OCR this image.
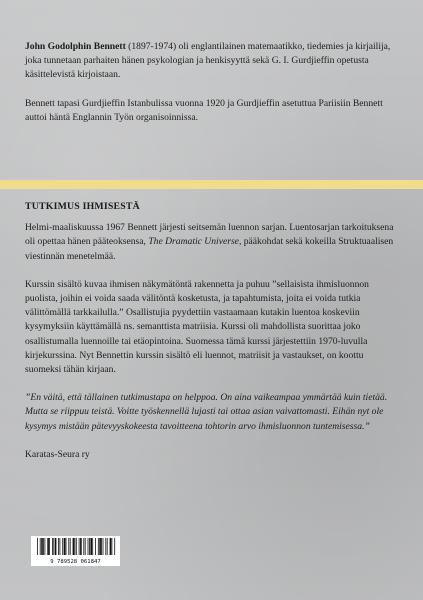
John Godolphin Bennett (1897-1974) oli englantilainen matemaatikko, tiedemies ja kirjailija, joka tunnetaan parhaiten hänen psykologian ja henkisyyttä sekä G. I. Gurdjieffin opetusta käsittelevistä kirjoistaan.

Bennett tapasi Gurdjieffin Istanbulissa vuonna 1920 ja Gurdjieffin asetuttua Pariisiin Bennett auttoi häntä Englannin Työn organisoinnissa.

TUTKIMUS IHMISESTÄ

Helmi-maaliskuussa 1967 Bennett järjesti seitsemän luennon sarjan. Luentosarjan tarkoituksena oli opettaa hänen pääteoksensa, The Dramatic Universe, pääkohdat sekä kokeilla Struktuaalisen viestinnän menetelmää.

Kurssin sisältö kuvaa ihmisen näkymätöntä rakennetta ja puhuu ”sellaisista ihmisluonnon puolista, joihin ei voida saada välitöntä kosketusta, ja tapahtumista, joita ei voida tutkia välittömällä tarkkailulla.” Osallistujia pyydettiin vastaamaan kutakin luentoa koskeviin kysymyksiin käyttämällä ns. semanttista matriisia. Kurssi oli mahdollista suorittaa joko osallistumalla luennoille tai etäopintoina. Suomessa tämä kurssi järjestettiin 1970-luvulla kirjekurssina. Nyt Bennettin kurssin sisältö eli luennot, matriisit ja vastaukset, on koottu suomeksi tähän kirjaan.

”En väitä, että tällainen tutkimustapa on helppoa. On aina vaikeampaa ymmärtää kuin tietää. Mutta se riippuu teistä. Voitte työskennellä lujasti tai ottaa asian vaivattomasti. Eihän nyt ole kysymys mistään pätevyyskokeesta tavoitteena tohtorin arvo ihmisluonnon tuntemisessa.”

Karatas-Seura ry

9 789528 061847
